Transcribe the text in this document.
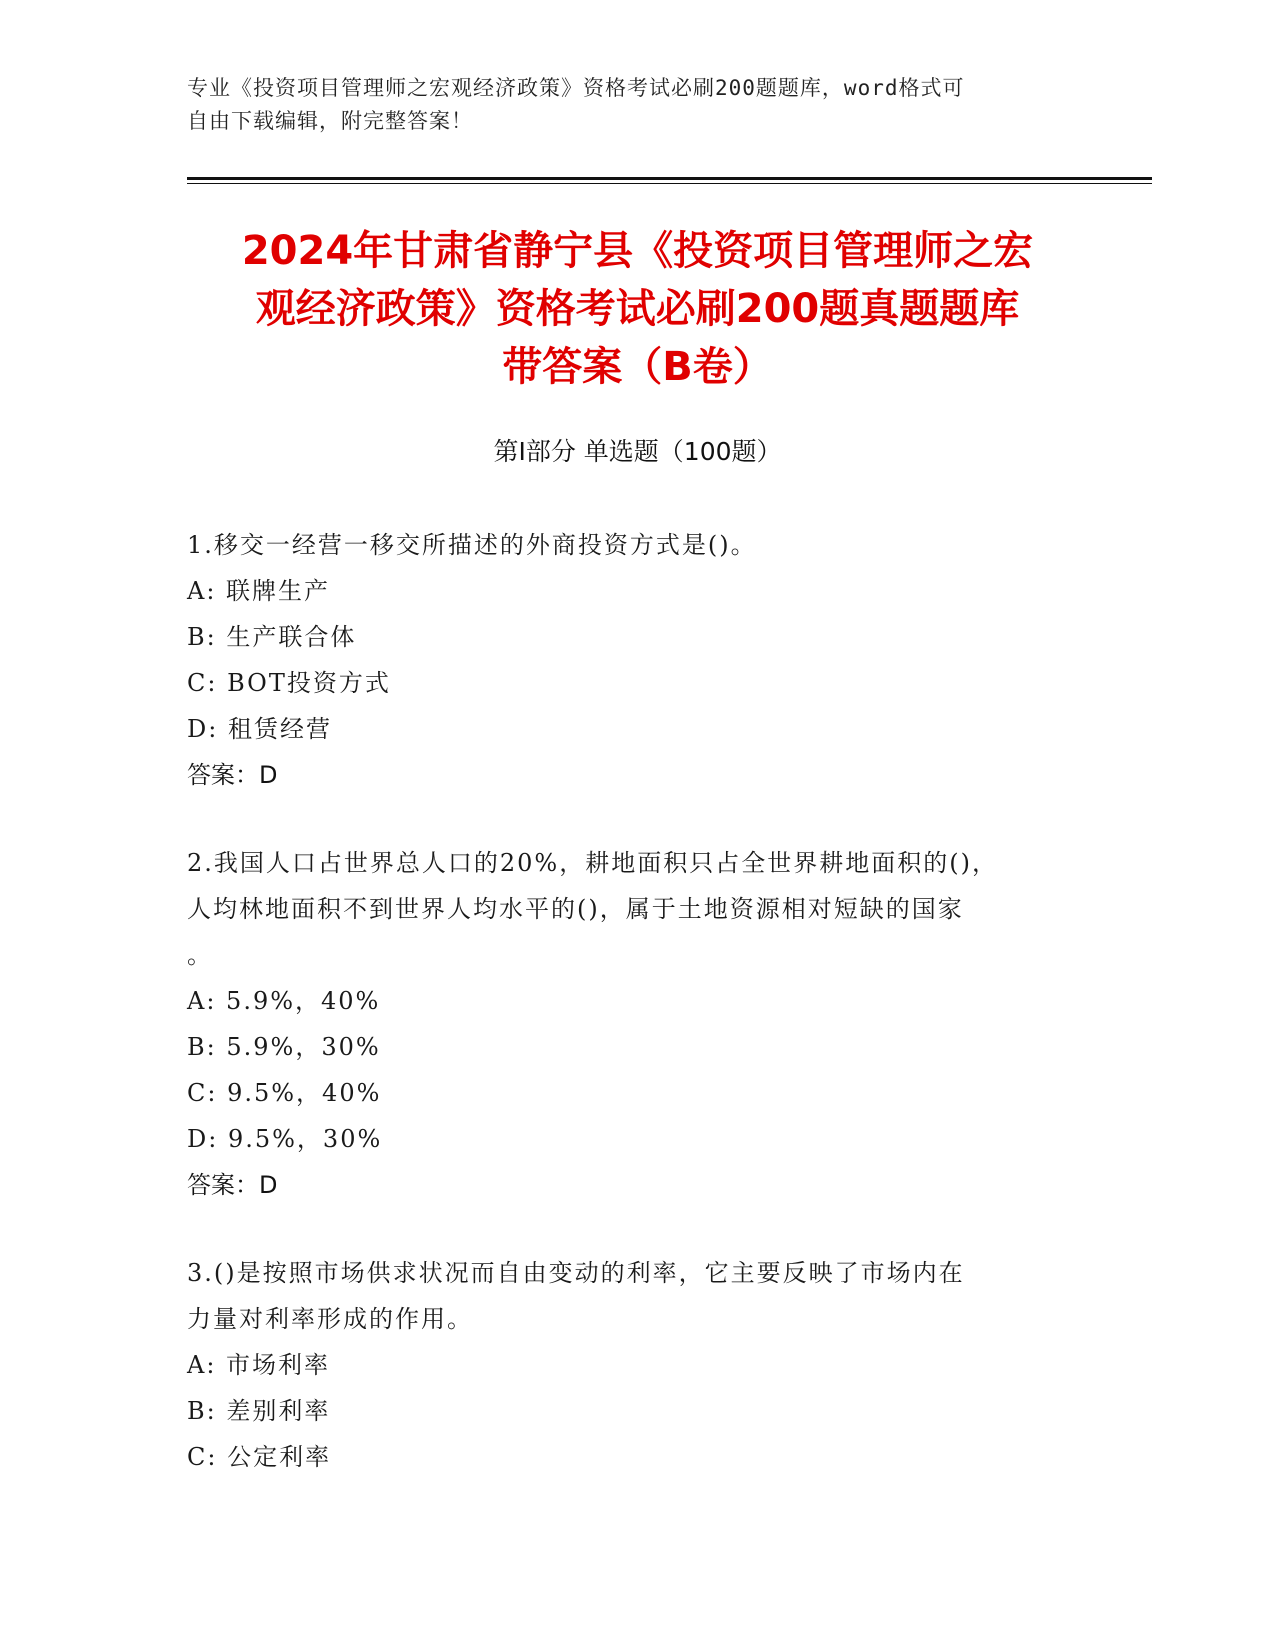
专业《投资项目管理师之宏观经济政策》资格考试必刷200题题库，word格式可
自由下载编辑，附完整答案！
2024年甘肃省静宁县《投资项目管理师之宏
观经济政策》资格考试必刷200题真题题库
带答案（B卷）
第I部分 单选题（100题）
1.移交一经营一移交所描述的外商投资方式是()。
A: 联牌生产
B: 生产联合体
C: BOT投资方式
D: 租赁经营
答案：D
2.我国人口占世界总人口的20%，耕地面积只占全世界耕地面积的()，
人均林地面积不到世界人均水平的()，属于土地资源相对短缺的国家
。
A: 5.9%，40%
B: 5.9%，30%
C: 9.5%，40%
D: 9.5%，30%
答案：D
3.()是按照市场供求状况而自由变动的利率，它主要反映了市场内在
力量对利率形成的作用。
A: 市场利率
B: 差别利率
C: 公定利率
